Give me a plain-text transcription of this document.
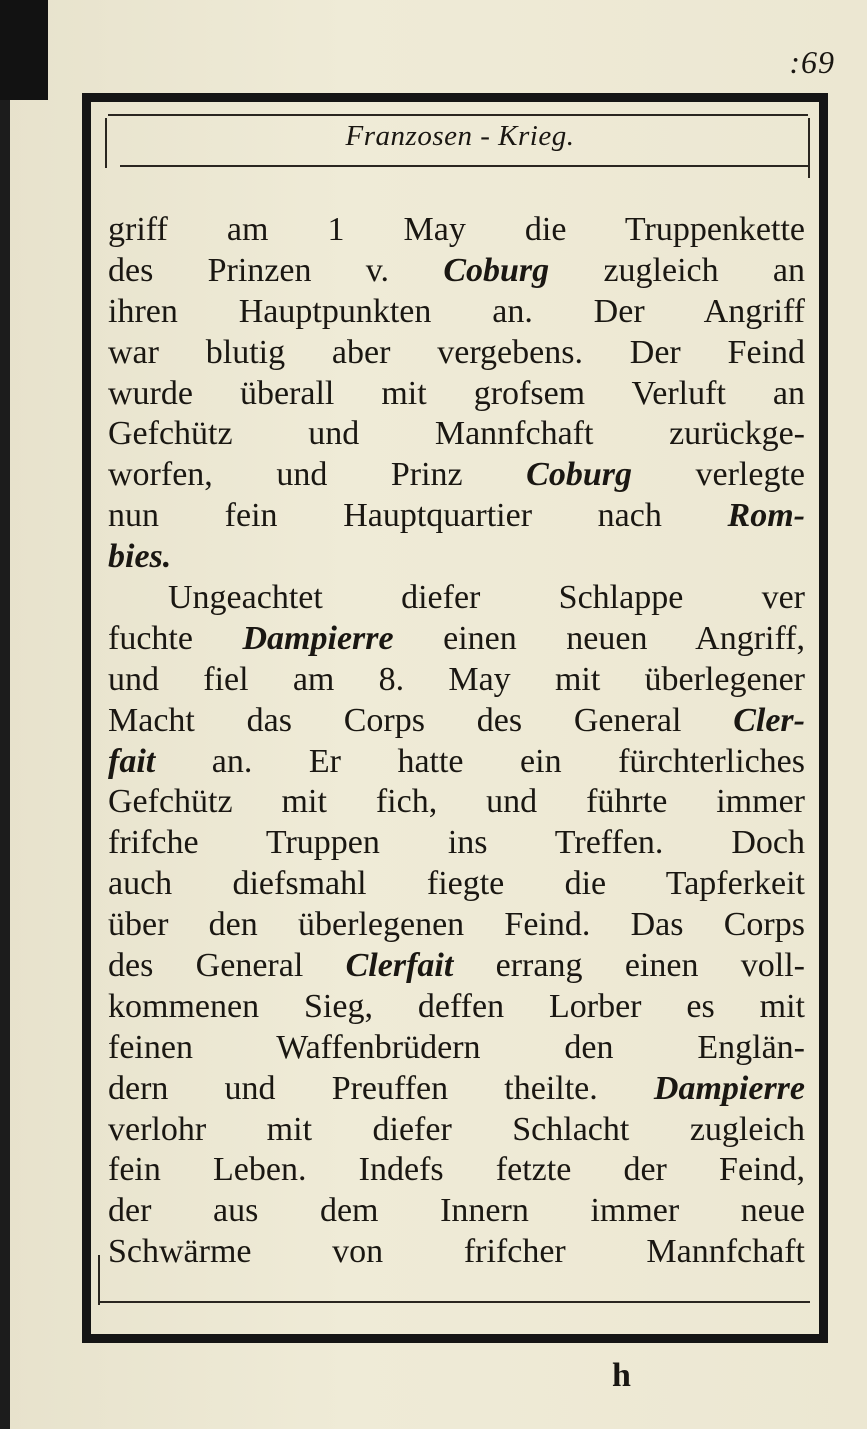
:69
Franzosen - Krieg.
griff am 1 May die Truppenkette
des Prinzen v. Coburg zugleich an
ihren Hauptpunkten an. Der Angriff
war blutig aber vergebens. Der Feind
wurde überall mit grofsem Verluft an
Gefchütz und Mannfchaft zurückge-
worfen, und Prinz Coburg verlegte
nun fein Hauptquartier nach Rom-
bies.
Ungeachtet diefer Schlappe ver
fuchte Dampierre einen neuen Angriff,
und fiel am 8. May mit überlegener
Macht das Corps des General Cler-
fait an. Er hatte ein fürchterliches
Gefchütz mit fich, und führte immer
frifche Truppen ins Treffen. Doch
auch diefsmahl fiegte die Tapferkeit
über den überlegenen Feind. Das Corps
des General Clerfait errang einen voll-
kommenen Sieg, deffen Lorber es mit
feinen Waffenbrüdern den Englän-
dern und Preuffen theilte. Dampierre
verlohr mit diefer Schlacht zugleich
fein Leben. Indefs fetzte der Feind,
der aus dem Innern immer neue
Schwärme von frifcher Mannfchaft
h
